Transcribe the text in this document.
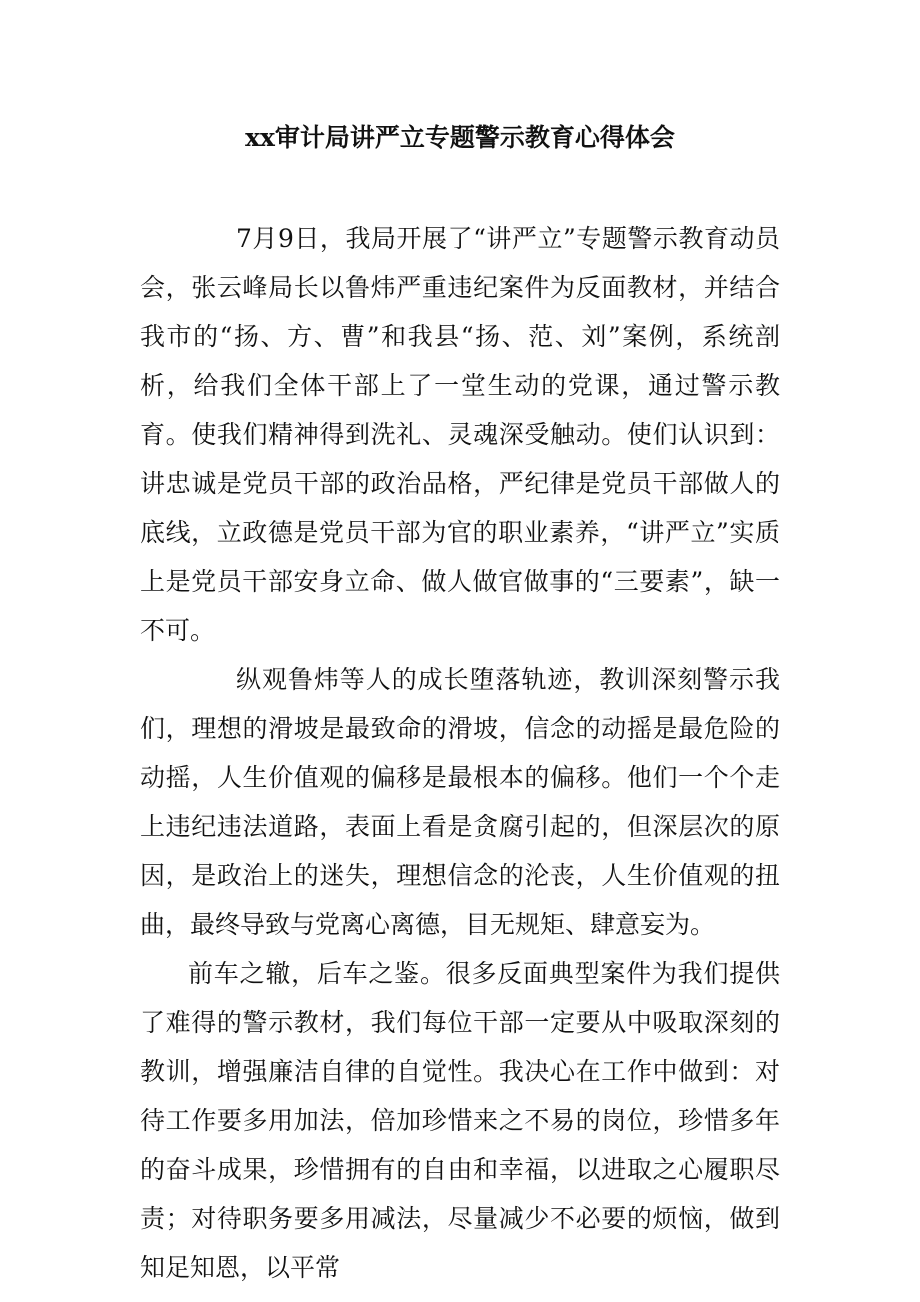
xx审计局讲严立专题警示教育心得体会

7月9日，我局开展了“讲严立”专题警示教育动员会，张云峰局长以鲁炜严重违纪案件为反面教材，并结合我市的“扬、方、曹”和我县“扬、范、刘”案例，系统剖析，给我们全体干部上了一堂生动的党课，通过警示教育。使我们精神得到洗礼、灵魂深受触动。使们认识到：讲忠诚是党员干部的政治品格，严纪律是党员干部做人的底线，立政德是党员干部为官的职业素养，“讲严立”实质上是党员干部安身立命、做人做官做事的“三要素”，缺一不可。

纵观鲁炜等人的成长堕落轨迹，教训深刻警示我们，理想的滑坡是最致命的滑坡，信念的动摇是最危险的动摇，人生价值观的偏移是最根本的偏移。他们一个个走上违纪违法道路，表面上看是贪腐引起的，但深层次的原因，是政治上的迷失，理想信念的沦丧，人生价值观的扭曲，最终导致与党离心离德，目无规矩、肆意妄为。

前车之辙，后车之鉴。很多反面典型案件为我们提供了难得的警示教材，我们每位干部一定要从中吸取深刻的教训，增强廉洁自律的自觉性。我决心在工作中做到：对待工作要多用加法，倍加珍惜来之不易的岗位，珍惜多年的奋斗成果，珍惜拥有的自由和幸福，以进取之心履职尽责；对待职务要多用减法，尽量减少不必要的烦恼，做到知足知恩，以平常
